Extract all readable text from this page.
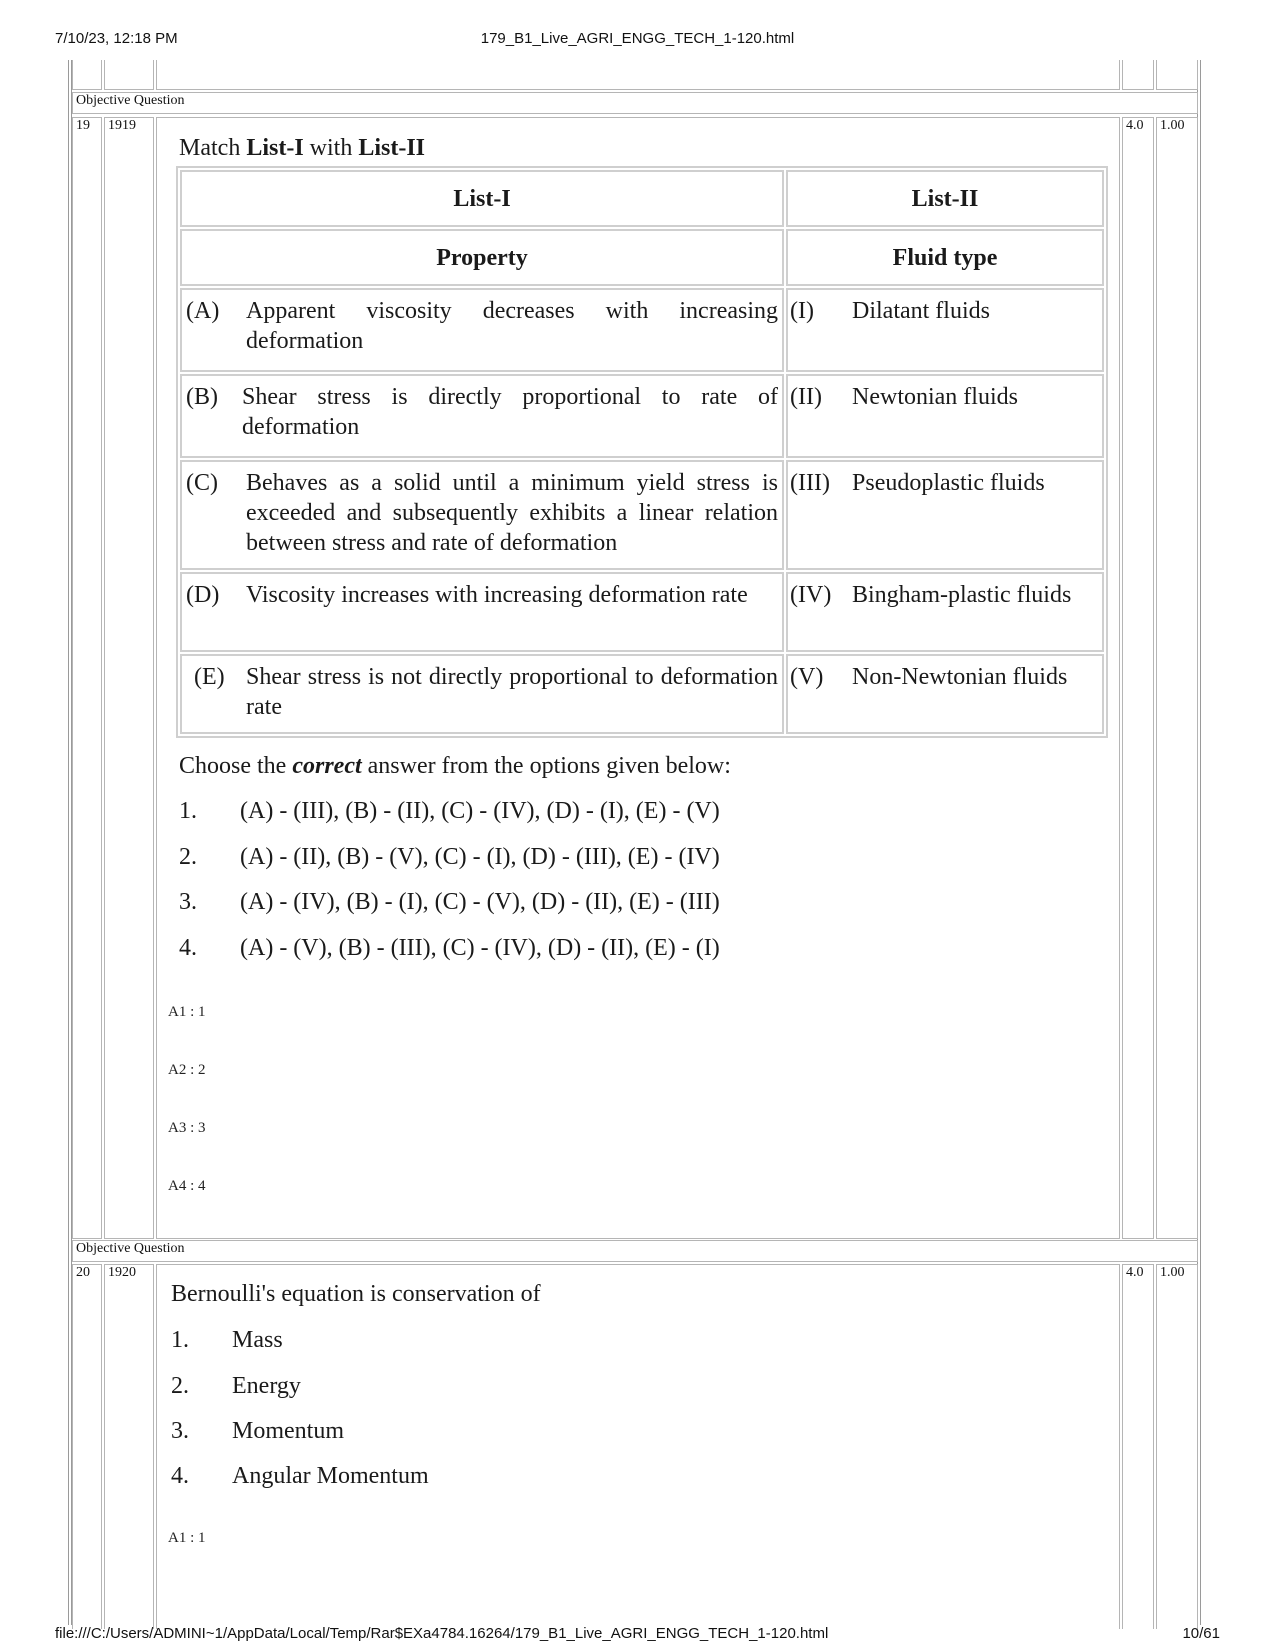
7/10/23, 12:18 PM	179_B1_Live_AGRI_ENGG_TECH_1-120.html
Objective Question
19	1919	4.0	1.00
Match List-I with List-II
List-I	List-II
Property	Fluid type

(A) Apparent viscosity decreases with increasing deformation	(I) Dilatant fluids

(B) Shear stress is directly proportional to rate of deformation	(II) Newtonian fluids

(C) Behaves as a solid until a minimum yield stress is exceeded and subsequently exhibits a linear relation between stress and rate of deformation	(III) Pseudoplastic fluids

(D) Viscosity increases with increasing deformation rate	(IV) Bingham-plastic fluids

(E) Shear stress is not directly proportional to deformation rate	(V) Non-Newtonian fluids
Choose the correct answer from the options given below:
1. (A) - (III), (B) - (II), (C) - (IV), (D) - (I), (E) - (V)
2. (A) - (II), (B) - (V), (C) - (I), (D) - (III), (E) - (IV)
3. (A) - (IV), (B) - (I), (C) - (V), (D) - (II), (E) - (III)
4. (A) - (V), (B) - (III), (C) - (IV), (D) - (II), (E) - (I)
A1 : 1
A2 : 2
A3 : 3
A4 : 4
Objective Question
20	1920	4.0	1.00
Bernoulli's equation is conservation of
1. Mass
2. Energy
3. Momentum
4. Angular Momentum
A1 : 1
file:///C:/Users/ADMINI~1/AppData/Local/Temp/Rar$EXa4784.16264/179_B1_Live_AGRI_ENGG_TECH_1-120.html	10/61
